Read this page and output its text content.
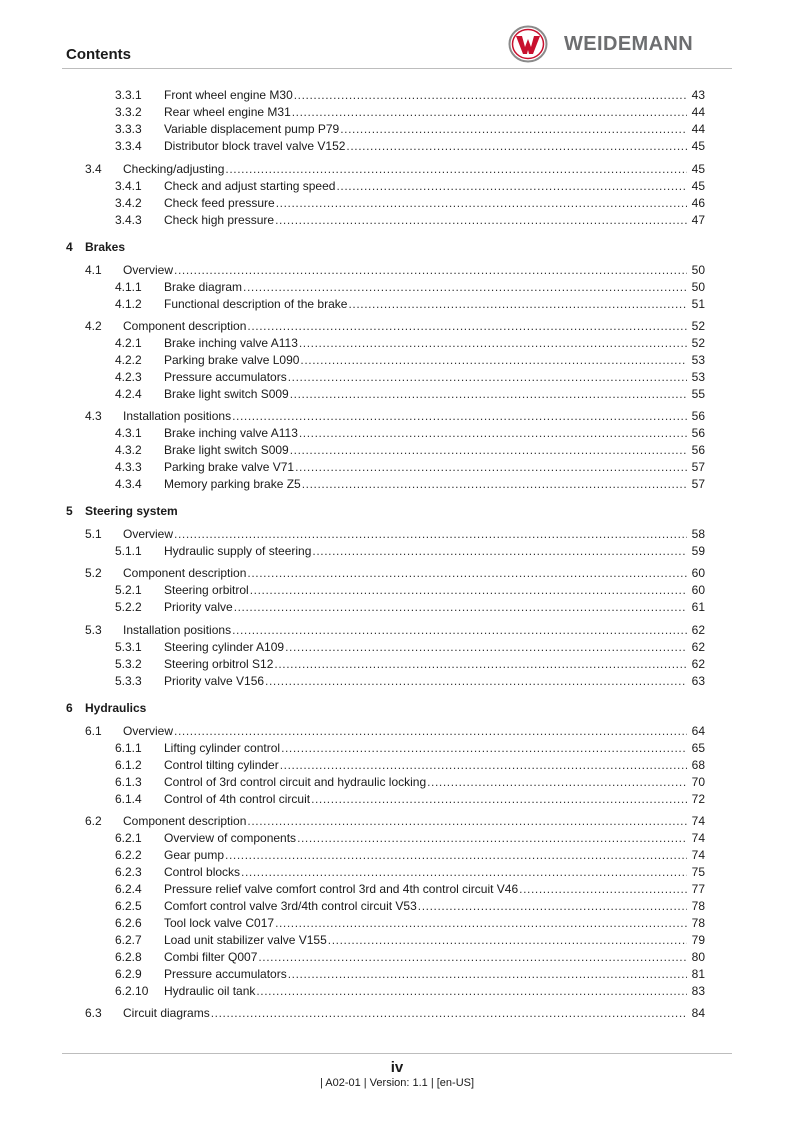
Contents	WEIDEMANN
3.3.1 Front wheel engine M30 .....	43
3.3.2 Rear wheel engine M31 .....	44
3.3.3 Variable displacement pump P79 .....	44
3.3.4 Distributor block travel valve V152 .....	45
3.4 Checking/adjusting .....	45
3.4.1 Check and adjust starting speed .....	45
3.4.2 Check feed pressure .....	46
3.4.3 Check high pressure .....	47
4 Brakes
4.1 Overview .....	50
4.1.1 Brake diagram .....	50
4.1.2 Functional description of the brake .....	51
4.2 Component description .....	52
4.2.1 Brake inching valve A113 .....	52
4.2.2 Parking brake valve L090 .....	53
4.2.3 Pressure accumulators .....	53
4.2.4 Brake light switch S009 .....	55
4.3 Installation positions .....	56
4.3.1 Brake inching valve A113 .....	56
4.3.2 Brake light switch S009 .....	56
4.3.3 Parking brake valve V71 .....	57
4.3.4 Memory parking brake Z5 .....	57
5 Steering system
5.1 Overview .....	58
5.1.1 Hydraulic supply of steering .....	59
5.2 Component description .....	60
5.2.1 Steering orbitrol .....	60
5.2.2 Priority valve .....	61
5.3 Installation positions .....	62
5.3.1 Steering cylinder A109 .....	62
5.3.2 Steering orbitrol S12 .....	62
5.3.3 Priority valve V156 .....	63
6 Hydraulics
6.1 Overview .....	64
6.1.1 Lifting cylinder control .....	65
6.1.2 Control tilting cylinder .....	68
6.1.3 Control of 3rd control circuit and hydraulic locking .....	70
6.1.4 Control of 4th control circuit .....	72
6.2 Component description .....	74
6.2.1 Overview of components .....	74
6.2.2 Gear pump .....	74
6.2.3 Control blocks .....	75
6.2.4 Pressure relief valve comfort control 3rd and 4th control circuit V46 .....	77
6.2.5 Comfort control valve 3rd/4th control circuit V53 .....	78
6.2.6 Tool lock valve C017 .....	78
6.2.7 Load unit stabilizer valve V155 .....	79
6.2.8 Combi filter Q007 .....	80
6.2.9 Pressure accumulators .....	81
6.2.10 Hydraulic oil tank .....	83
6.3 Circuit diagrams .....	84
iv
| A02-01 | Version: 1.1 | [en-US]
